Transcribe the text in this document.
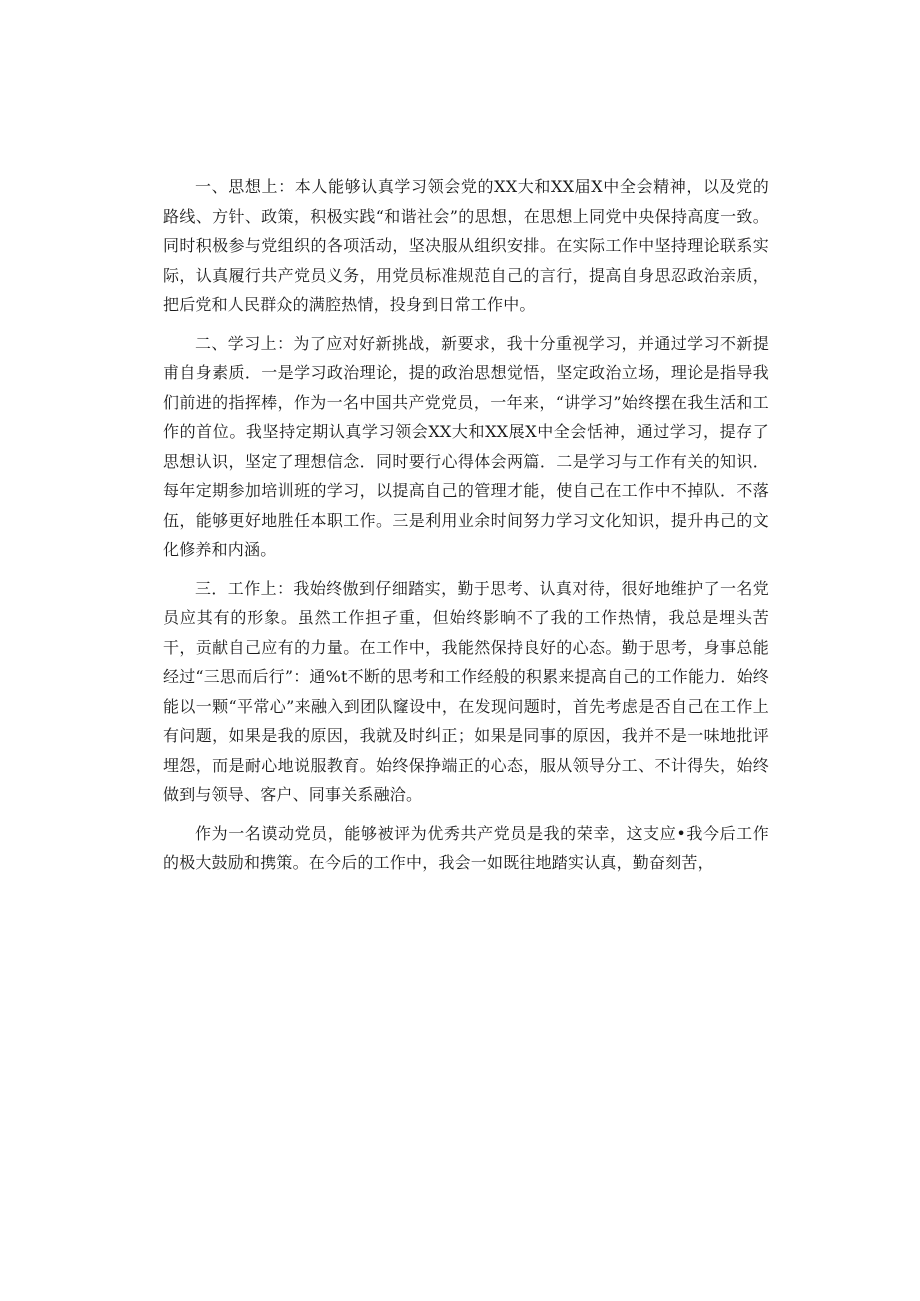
一、思想上：本人能够认真学习领会党的XX大和XX届X中全会精神，以及党的路线、方针、政策，积极实践“和谐社会”的思想，在思想上同党中央保持高度一致。同时积极参与党组织的各项活动，坚决服从组织安排。在实际工作中坚持理论联系实际，认真履行共产党员义务，用党员标准规范自己的言行，提高自身思忍政治亲质，把后党和人民群众的满腔热情，投身到日常工作中。

二、学习上：为了应对好新挑战，新要求，我十分重视学习，并通过学习不新提甫自身素质．一是学习政治理论，提的政治思想觉悟，坚定政治立场，理论是指导我们前进的指挥棒，作为一名中国共产党党员，一年来，“讲学习”始终摆在我生活和工作的首位。我坚持定期认真学习领会XX大和XX展X中全会恬神，通过学习，提存了思想认识，坚定了理想信念．同时要行心得体会两篇．二是学习与工作有关的知识．每年定期参加培训班的学习，以提高自己的管理才能，使自己在工作中不掉队．不落伍，能够更好地胜任本职工作。三是利用业余时间努力学习文化知识，提升冉己的文化修养和内涵。

三．工作上：我始终傲到仔细踏实，勤于思考、认真对待，很好地维护了一名党员应其有的形象。虽然工作担孑重，但始终影晌不了我的工作热情，我总是埋头苦干，贡献自己应有的力量。在工作中，我能然保持良好的心态。勤于思考，身事总能经过“三思而后行”：通%t不断的思考和工作经般的积累来提高自己的工作能力．始终能以一颗“平常心”来融入到团队窿设中，在发现问题时，首先考虑是否自己在工作上有问题，如果是我的原因，我就及时纠正；如果是同事的原因，我并不是一味地批评埋怨，而是耐心地说服教育。始终保挣端正的心态，服从领导分工、不计得失，始终做到与领导、客户、同事关系融洽。

作为一名谟动党员，能够被评为优秀共产党员是我的荣幸，这支应•我今后工作的极大鼓励和携策。在今后的工作中，我会一如既往地踏实认真，勤奋刻苦，
